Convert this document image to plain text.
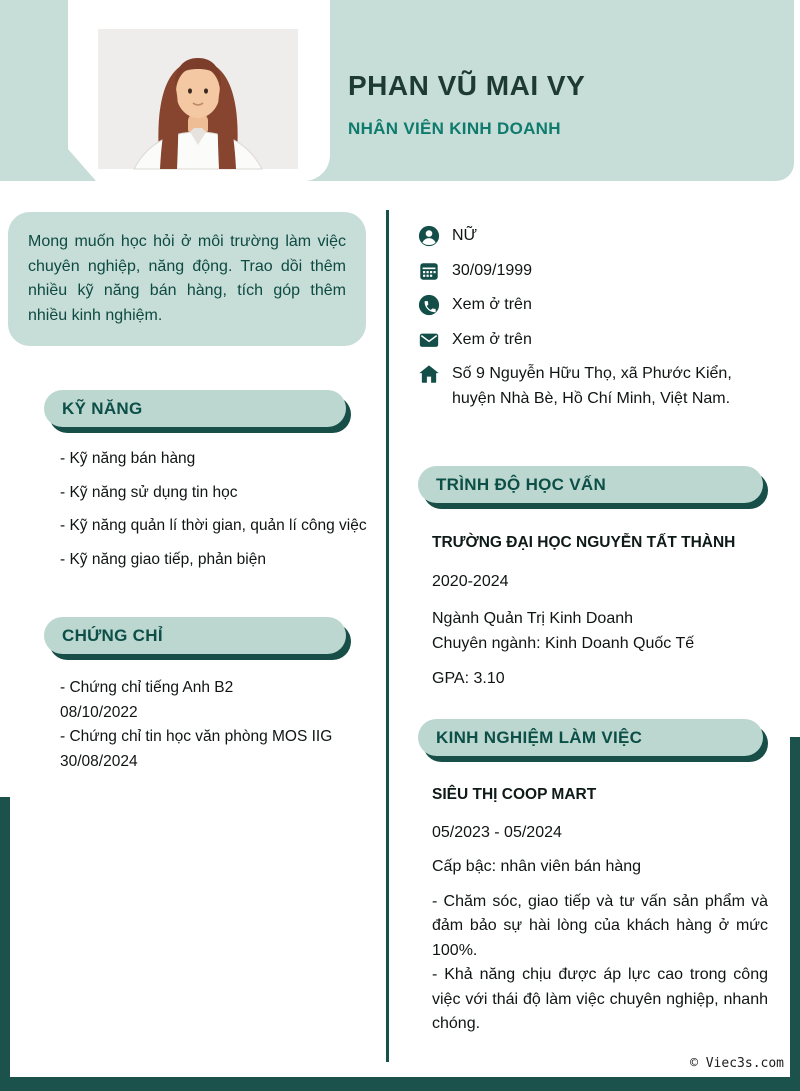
PHAN VŨ MAI VY
NHÂN VIÊN KINH DOANH
Mong muốn học hỏi ở môi trường làm việc chuyên nghiệp, năng động. Trao dồi thêm nhiều kỹ năng bán hàng, tích góp thêm nhiều kinh nghiệm.
KỸ NĂNG
- Kỹ năng bán hàng
- Kỹ năng sử dụng tin học
- Kỹ năng quản lí thời gian, quản lí công việc
- Kỹ năng giao tiếp, phản biện
CHỨNG CHỈ
- Chứng chỉ tiếng Anh B2
08/10/2022
- Chứng chỉ tin học văn phòng MOS IIG
30/08/2024
NỮ
30/09/1999
Xem ở trên
Xem ở trên
Số 9 Nguyễn Hữu Thọ, xã Phước Kiển, huyện Nhà Bè, Hồ Chí Minh, Việt Nam.
TRÌNH ĐỘ HỌC VẤN
TRƯỜNG ĐẠI HỌC NGUYỄN TẤT THÀNH
2020-2024
Ngành Quản Trị Kinh Doanh
Chuyên ngành: Kinh Doanh Quốc Tế
GPA: 3.10
KINH NGHIỆM LÀM VIỆC
SIÊU THỊ COOP MART
05/2023 - 05/2024
Cấp bậc: nhân viên bán hàng
- Chăm sóc, giao tiếp và tư vấn sản phẩm và đảm bảo sự hài lòng của khách hàng ở mức 100%.
- Khả năng chịu được áp lực cao trong công việc với thái độ làm việc chuyên nghiệp, nhanh chóng.
© Viec3s.com
